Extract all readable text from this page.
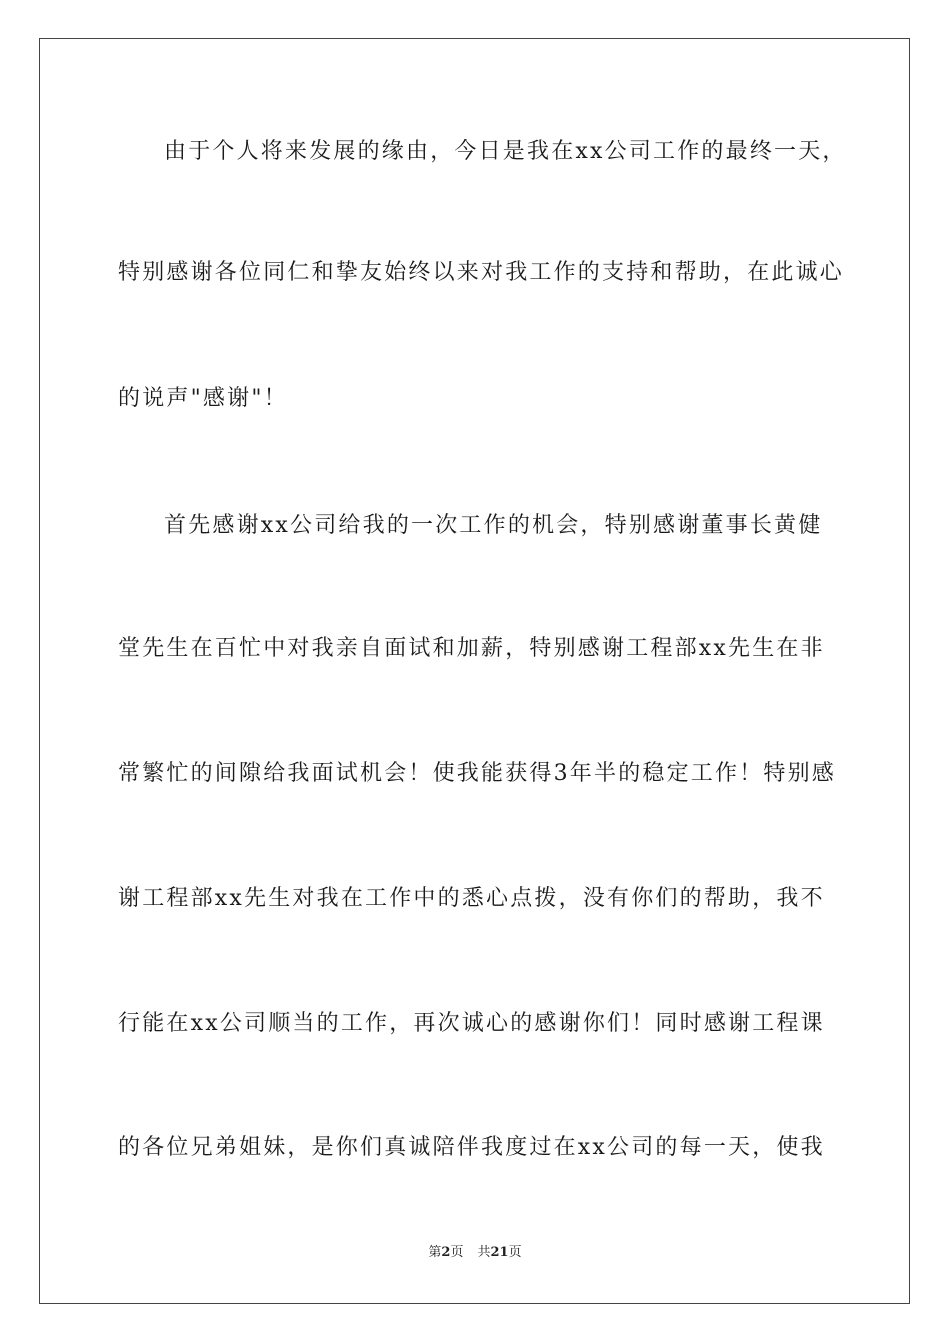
由于个人将来发展的缘由，今日是我在xx公司工作的最终一天，
特别感谢各位同仁和挚友始终以来对我工作的支持和帮助，在此诚心
的说声"感谢"！
首先感谢xx公司给我的一次工作的机会，特别感谢董事长黄健
堂先生在百忙中对我亲自面试和加薪，特别感谢工程部xx先生在非
常繁忙的间隙给我面试机会！使我能获得3年半的稳定工作！特别感
谢工程部xx先生对我在工作中的悉心点拨，没有你们的帮助，我不
行能在xx公司顺当的工作，再次诚心的感谢你们！同时感谢工程课
的各位兄弟姐妹，是你们真诚陪伴我度过在xx公司的每一天，使我
第2页 共21页
